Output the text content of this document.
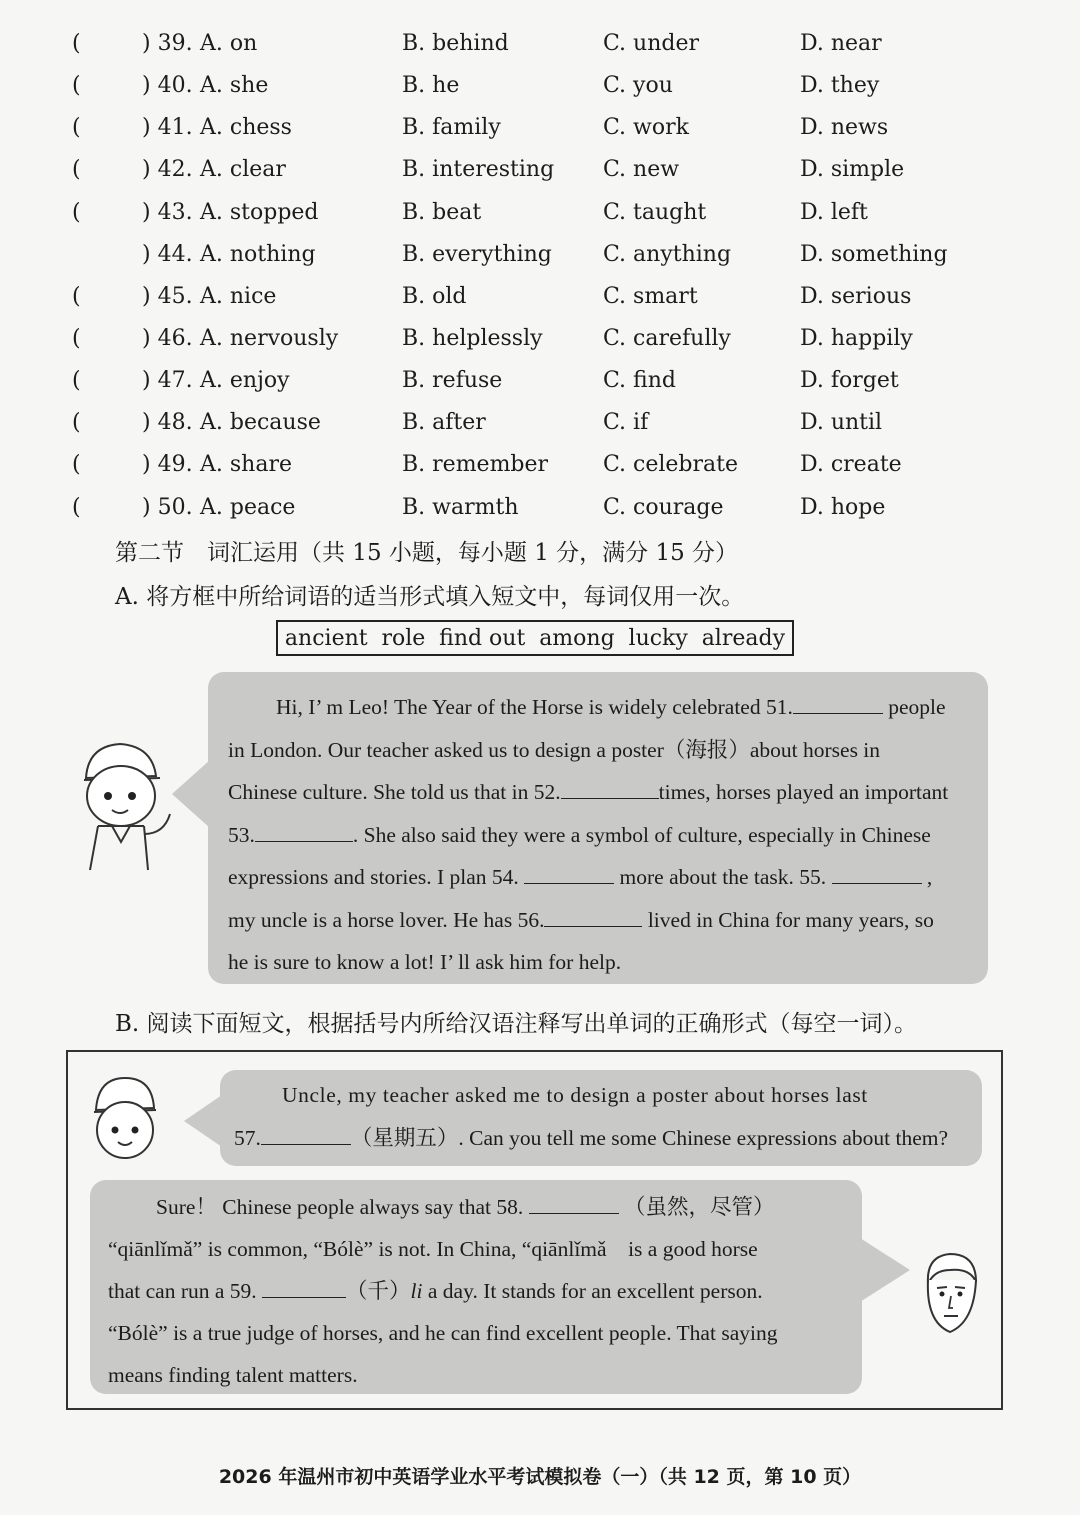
(	) 39. A. on	B. behind	C. under	D. near
(	) 40. A. she	B. he	C. you	D. they
(	) 41. A. chess	B. family	C. work	D. news
(	) 42. A. clear	B. interesting C. new	D. simple
(	) 43. A. stopped	B. beat	C. taught	D. left
) 44. A. nothing	B. everything C. anything	D. something
(	) 45. A. nice	B. old	C. smart	D. serious
(	) 46. A. nervously	B. helplessly	C. carefully	D. happily
(	) 47. A. enjoy	B. refuse	C. find	D. forget
(	) 48. A. because	B. after	C. if	D. until
(	) 49. A. share	B. remember C. celebrate	D. create
(	) 50. A. peace	B. warmth	C. courage	D. hope
第二节　词汇运用（共 15 小题，每小题 1 分，满分 15 分）
A. 将方框中所给词语的适当形式填入短文中，每词仅用一次。
ancient role find out among lucky already

Hi, I’ m Leo! The Year of the Horse is widely celebrated 51.	people

in London. Our teacher asked us to design a poster（海报）about horses in

Chinese culture. She told us that in 52.	times, horses played an important

53.	. She also said they were a symbol of culture, especially in Chinese

expressions and stories. I plan 54.	more about the task. 55.	,

my uncle is a horse lover. He has 56.	lived in China for many years, so

he is sure to know a lot! I’ ll ask him for help.

B. 阅读下面短文，根据括号内所给汉语注释写出单词的正确形式（每空一词）。

Uncle, my teacher asked me to design a poster about horses last

57.	（星期五）. Can you tell me some Chinese expressions about them?

Sure！ Chinese people always say that 58.	（虽然，尽管）

“qiānlǐmǎ” is common, “Bólè” is not. In China, “qiānlǐmǎ　is a good horse

that can run a 59.	（千）li a day. It stands for an excellent person.

“Bólè” is a true judge of horses, and he can find excellent people. That saying

means finding talent matters.

2026 年温州市初中英语学业水平考试模拟卷（一）（共 12 页，第 10 页）
